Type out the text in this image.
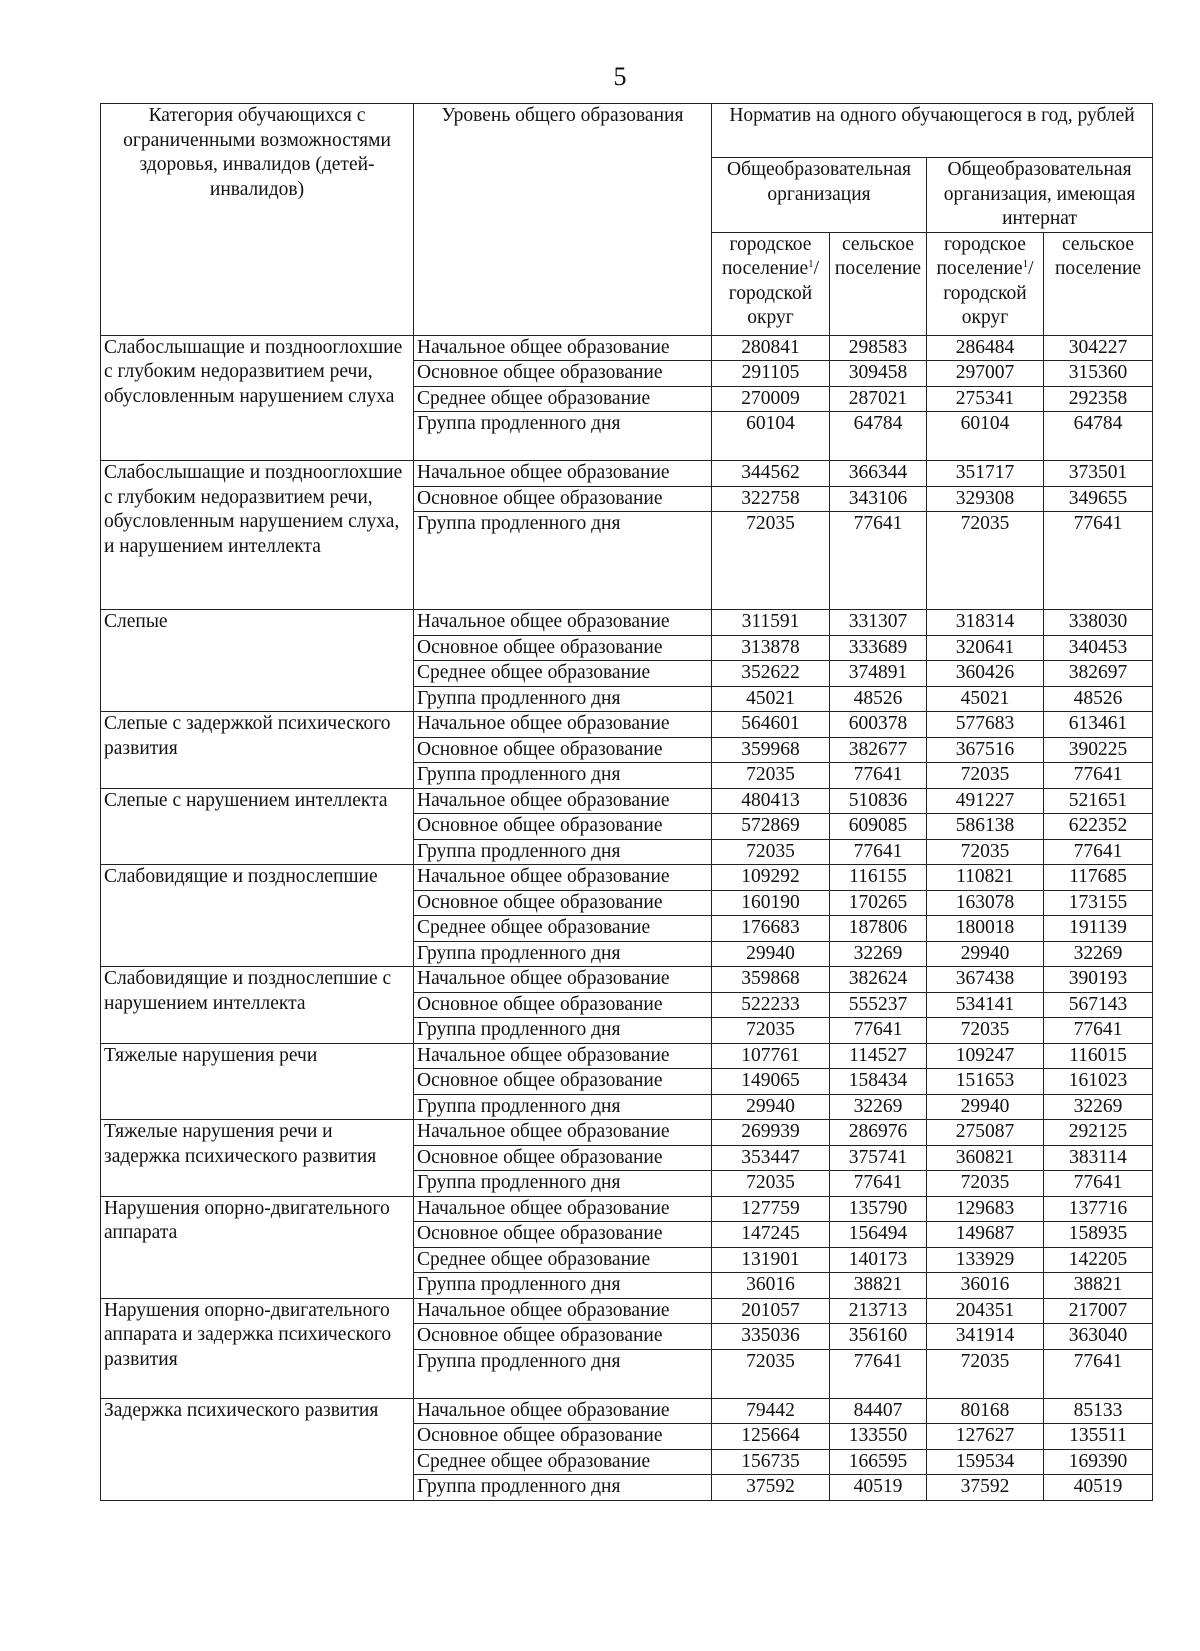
5
Категория обучающихся с ограниченными возможностями здоровья, инвалидов (детей-инвалидов)	Уровень общего образования	Норматив на одного обучающегося в год, рублей			
		Общеобразовательная организация		Общеобразовательная организация, имеющая интернат	
		городское поселение$^1$/ городской округ	сельское поселение	городское поселение$^1$/ городской округ	сельское поселение
Слабослышащие и позднооглохшие с глубоким недоразвитием речи, обусловленным нарушением слуха	Начальное общее образование	280841	298583	286484	304227
	Основное общее образование	291105	309458	297007	315360
	Среднее общее образование	270009	287021	275341	292358
	Группа продленного дня	60104	64784	60104	64784
Слабослышащие и позднооглохшие с глубоким недоразвитием речи, обусловленным нарушением слуха, и нарушением интеллекта	Начальное общее образование	344562	366344	351717	373501
	Основное общее образование	322758	343106	329308	349655
	Группа продленного дня	72035	77641	72035	77641
Слепые	Начальное общее образование	311591	331307	318314	338030
	Основное общее образование	313878	333689	320641	340453
	Среднее общее образование	352622	374891	360426	382697
	Группа продленного дня	45021	48526	45021	48526
Слепые с задержкой психического развития	Начальное общее образование	564601	600378	577683	613461
	Основное общее образование	359968	382677	367516	390225
	Группа продленного дня	72035	77641	72035	77641
Слепые с нарушением интеллекта	Начальное общее образование	480413	510836	491227	521651
	Основное общее образование	572869	609085	586138	622352
	Группа продленного дня	72035	77641	72035	77641
Слабовидящие и позднослепшие	Начальное общее образование	109292	116155	110821	117685
	Основное общее образование	160190	170265	163078	173155
	Среднее общее образование	176683	187806	180018	191139
	Группа продленного дня	29940	32269	29940	32269
Слабовидящие и позднослепшие с нарушением интеллекта	Начальное общее образование	359868	382624	367438	390193
	Основное общее образование	522233	555237	534141	567143
	Группа продленного дня	72035	77641	72035	77641
Тяжелые нарушения речи	Начальное общее образование	107761	114527	109247	116015
	Основное общее образование	149065	158434	151653	161023
	Группа продленного дня	29940	32269	29940	32269
Тяжелые нарушения речи и задержка психического развития	Начальное общее образование	269939	286976	275087	292125
	Основное общее образование	353447	375741	360821	383114
	Группа продленного дня	72035	77641	72035	77641
Нарушения опорно-двигательного аппарата	Начальное общее образование	127759	135790	129683	137716
	Основное общее образование	147245	156494	149687	158935
	Среднее общее образование	131901	140173	133929	142205
	Группа продленного дня	36016	38821	36016	38821
Нарушения опорно-двигательного аппарата и задержка психического развития	Начальное общее образование	201057	213713	204351	217007
	Основное общее образование	335036	356160	341914	363040
	Группа продленного дня	72035	77641	72035	77641
Задержка психического развития	Начальное общее образование	79442	84407	80168	85133
	Основное общее образование	125664	133550	127627	135511
	Среднее общее образование	156735	166595	159534	169390
	Группа продленного дня	37592	40519	37592	40519
